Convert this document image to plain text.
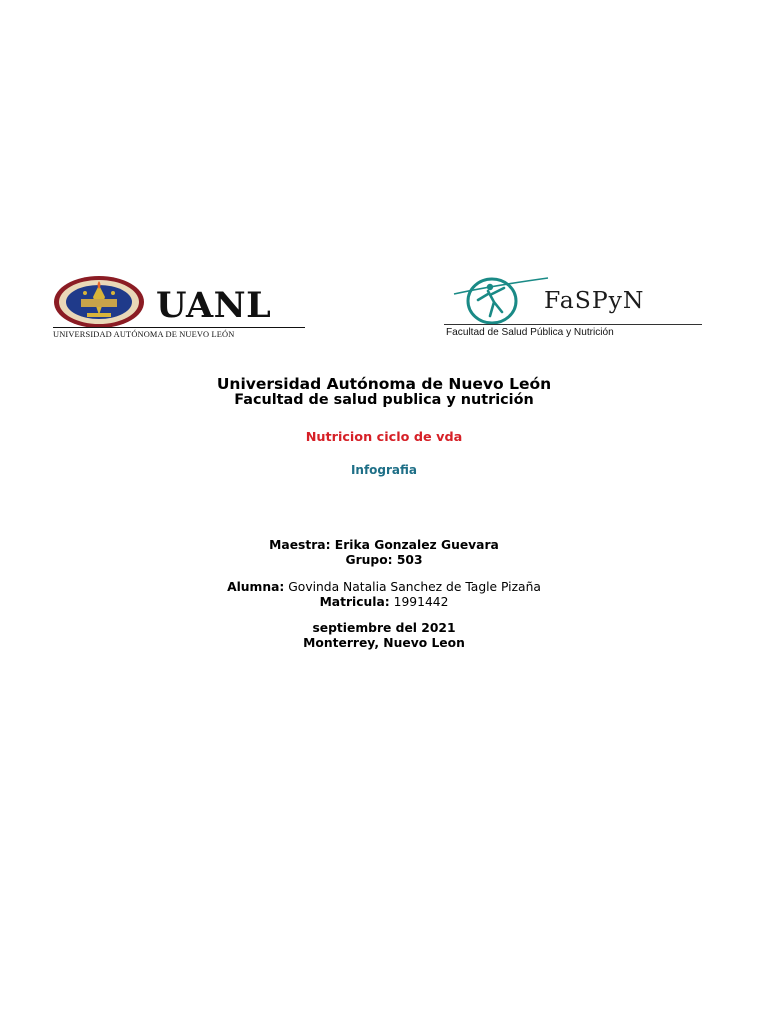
UANL
UNIVERSIDAD AUTÓNOMA DE NUEVO LEÓN
FaSPyN
Facultad de Salud Pública y Nutrición
Universidad Autónoma de Nuevo León
Facultad de salud publica y nutrición
Nutricion ciclo de vda
Infografia
Maestra: Erika Gonzalez Guevara
Grupo: 503
Alumna: Govinda Natalia Sanchez de Tagle Pizaña
Matricula: 1991442
septiembre del 2021
Monterrey, Nuevo Leon
